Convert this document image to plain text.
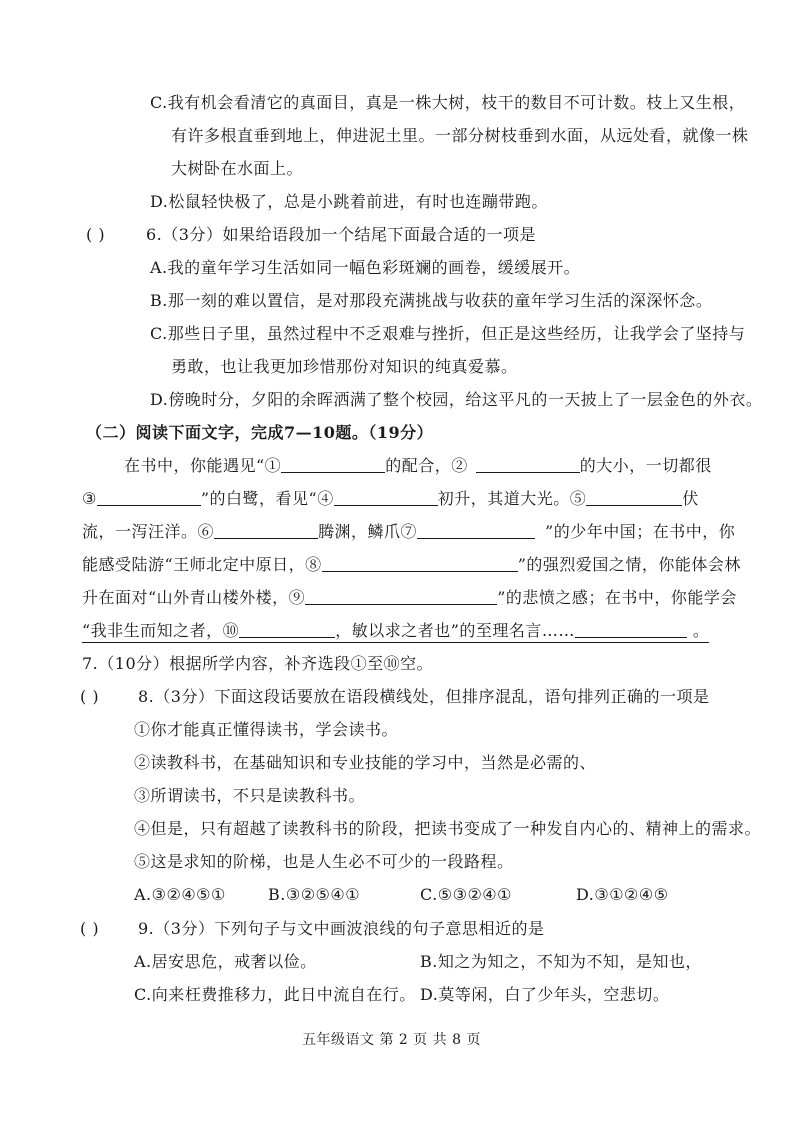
C.我有机会看清它的真面目，真是一株大树，枝干的数目不可计数。枝上又生根，
有许多根直垂到地上，伸进泥土里。一部分树枝垂到水面，从远处看，就像一株
大树卧在水面上。
D.松鼠轻快极了，总是小跳着前进，有时也连蹦带跑。
( )	6.（3分）如果给语段加一个结尾下面最合适的一项是
A.我的童年学习生活如同一幅色彩斑斓的画卷，缓缓展开。
B.那一刻的难以置信，是对那段充满挑战与收获的童年学习生活的深深怀念。
C.那些日子里，虽然过程中不乏艰难与挫折，但正是这些经历，让我学会了坚持与
勇敢，也让我更加珍惜那份对知识的纯真爱慕。
D.傍晚时分，夕阳的余晖洒满了整个校园，给这平凡的一天披上了一层金色的外衣。
（二）阅读下面文字，完成7—10题。（19分）
在书中，你能遇见“①	的配合，②	的大小，一切都很
③	”的白鹭，看见“④	初升，其道大光。⑤	伏
流，一泻汪洋。⑥	腾渊，鳞爪⑦	”的少年中国；在书中，你
能感受陆游“王师北定中原日，⑧	”的强烈爱国之情，你能体会林
升在面对“山外青山楼外楼，⑨	”的悲愤之感；在书中，你能学会
“我非生而知之者，⑩	，敏以求之者也”的至理名言……	。
7.（10分）根据所学内容，补齐选段①至⑩空。
( ) 8.（3分）下面这段话要放在语段横线处，但排序混乱，语句排列正确的一项是
①你才能真正懂得读书，学会读书。
②读教科书，在基础知识和专业技能的学习中，当然是必需的、
③所谓读书，不只是读教科书。
④但是，只有超越了读教科书的阶段，把读书变成了一种发自内心的、精神上的需求。
⑤这是求知的阶梯，也是人生必不可少的一段路程。
A.③②④⑤①	B.③②⑤④①	C.⑤③②④①	D.③①②④⑤
( ) 9.（3分）下列句子与文中画波浪线的句子意思相近的是
A.居安思危，戒奢以俭。	B.知之为知之，不知为不知，是知也，
C.向来枉费推移力，此日中流自在行。 D.莫等闲，白了少年头，空悲切。
五年级语文 第 2 页 共 8 页
